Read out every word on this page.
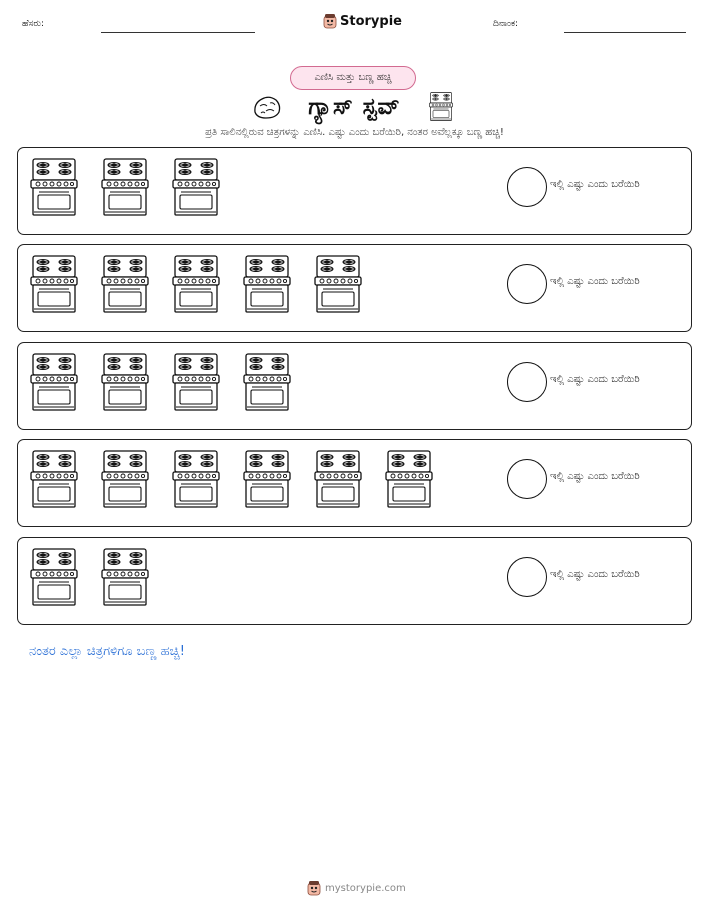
ಹೆಸರು:	Storypie	ದಿನಾಂಕ:
ಎಣಿಸಿ ಮತ್ತು ಬಣ್ಣ ಹಚ್ಚಿ
ಗ್ಯಾಸ್ ಸ್ಟವ್
ಪ್ರತಿ ಸಾಲಿನಲ್ಲಿರುವ ಚಿತ್ರಗಳನ್ನು ಎಣಿಸಿ. ಎಷ್ಟು ಎಂದು ಬರೆಯಿರಿ, ನಂತರ ಅವೆಲ್ಲಕ್ಕೂ ಬಣ್ಣ ಹಚ್ಚಿ!
ಇಲ್ಲಿ ಎಷ್ಟು ಎಂದು ಬರೆಯಿರಿ
ಇಲ್ಲಿ ಎಷ್ಟು ಎಂದು ಬರೆಯಿರಿ
ಇಲ್ಲಿ ಎಷ್ಟು ಎಂದು ಬರೆಯಿರಿ
ಇಲ್ಲಿ ಎಷ್ಟು ಎಂದು ಬರೆಯಿರಿ
ಇಲ್ಲಿ ಎಷ್ಟು ಎಂದು ಬರೆಯಿರಿ
ನಂತರ ಎಲ್ಲಾ ಚಿತ್ರಗಳಿಗೂ ಬಣ್ಣ ಹಚ್ಚಿ!
mystorypie.com
